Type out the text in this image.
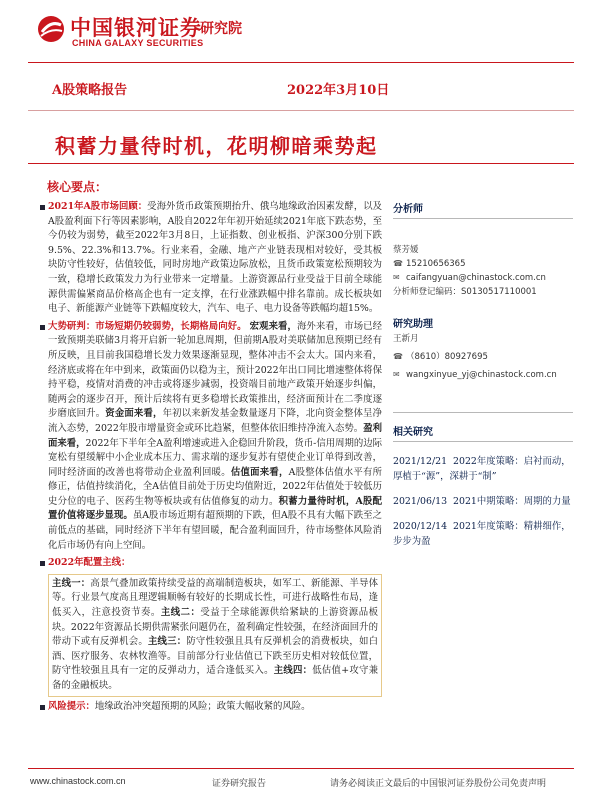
中国银河证券
CHINA GALAXY SECURITIES
研究院
A股策略报告	2022年3月10日
积蓄力量待时机，花明柳暗乘势起
核心要点：

2021年A股市场回顾：受海外货币政策预期抬升、俄乌地缘政治因素发酵，以及A股盈利面下行等因素影响，A股自2022年年初开始延续2021年底下跌态势，至今仍较为弱势，截至2022年3月8日，上证指数、创业板指、沪深300分别下跌9.5%、22.3%和13.7%。行业来看，金融、地产产业链表现相对较好，受其板块防守性较好，估值较低，同时房地产政策边际放松，且货币政策宽松预期较为一致，稳增长政策发力为行业带来一定增量。上游资源品行业受益于目前全球能源供需偏紧商品价格高企也有一定支撑，在行业涨跌幅中排名靠前。成长板块如电子、新能源产业链等下跌幅度较大，汽车、电子、电力设备等跌幅均超15%。

大势研判：市场短期仍较弱势，长期格局向好。 宏观来看，海外来看，市场已经一致预期美联储3月将开启新一轮加息周期，但前期A股对美联储加息预期已经有所反映，且目前我国稳增长发力效果逐渐显现，整体冲击不会太大。国内来看，经济底或将在年中到来，政策面仍以稳为主，预计2022年出口同比增速整体将保持平稳，疫情对消费的冲击或将逐步减弱，投资端目前地产政策开始逐步纠偏，随两会的逐步召开，预计后续将有更多稳增长政策推出，经济面预计在二季度逐步磨底回升。资金面来看，年初以来新发基金数量逐月下降，北向资金整体呈净流入态势，2022年股市增量资金或环比趋紧，但整体依旧维持净流入态势。盈利面来看，2022年下半年全A盈利增速或进入企稳回升阶段，货币-信用周期的边际宽松有望缓解中小企业成本压力、需求端的逐步复苏有望使企业订单得到改善，同时经济面的改善也将带动企业盈利回暖。估值面来看，A股整体估值水平有所修正，估值持续消化，全A估值目前处于历史均值附近，2022年估值处于较低历史分位的电子、医药生物等板块或有估值修复的动力。积蓄力量待时机，A股配置价值将逐步显现。虽A股市场近期有超预期的下跌，但A股不具有大幅下跌至之前低点的基础，同时经济下半年有望回暖，配合盈利面回升，待市场整体风险消化后市场仍有向上空间。

2022年配置主线：

主线一：高景气叠加政策持续受益的高端制造板块，如军工、新能源、半导体等。行业景气度高且理逻辑顺畅有较好的长期成长性，可进行战略性布局，逢低买入，注意投资节奏。主线二：受益于全球能源供给紧缺的上游资源品板块。2022年资源品长期供需紧张问题仍在，盈利确定性较强，在经济面回升的带动下或有反弹机会。主线三：防守性较强且具有反弹机会的消费板块，如白酒、医疗服务、农林牧渔等。目前部分行业估值已下跌至历史相对较低位置，防守性较强且具有一定的反弹动力，适合逢低买入。主线四：低估值+攻守兼备的金融板块。

风险提示：地缘政治冲突超预期的风险；政策大幅收紧的风险。

分析师
蔡芳媛
☎ 15210656365
✉ caifangyuan@chinastock.com.cn
分析师登记编码：S0130517110001
研究助理
王新月
☎ （8610）80927695
✉ wangxinyue_yj@chinastock.com.cn
相关研究
2021/12/21 2022年度策略：启衬而动，厚植于“源”，深耕于“制”
2021/06/13 2021中期策略：周期的力量
2020/12/14 2021年度策略：精耕细作，步步为盈
www.chinastock.com.cn	证券研究报告	请务必阅读正文最后的中国银河证券股份公司免责声明
